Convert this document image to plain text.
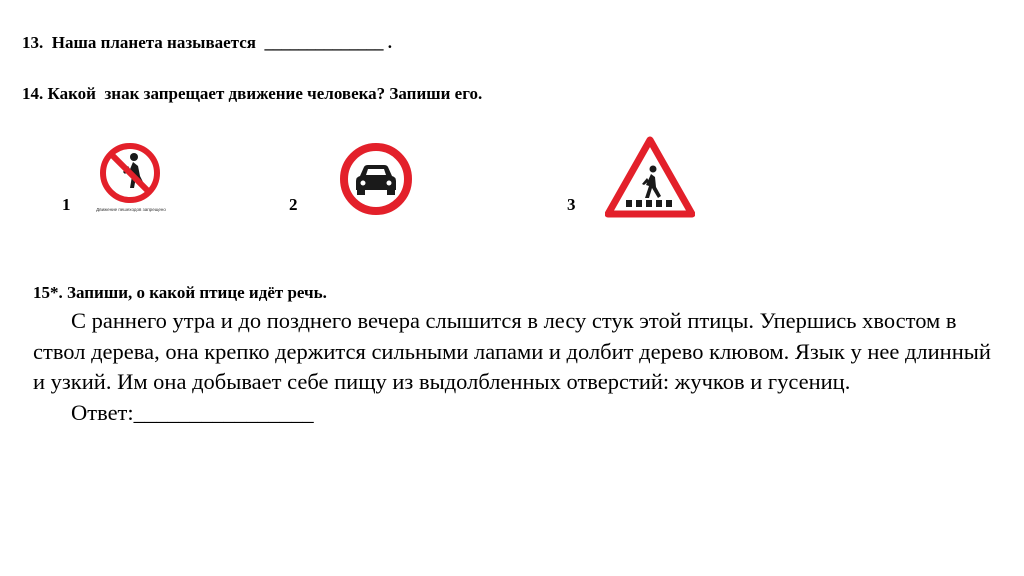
13.  Наша планета называется  ______________ .
14. Какой  знак запрещает движение человека? Запиши его.
1	Движение пешеходов запрещено	2	3
15*. Запиши, о какой птице идёт речь.

С раннего утра и до позднего вечера слышится в лесу стук этой птицы. Упершись хвостом в ствол дерева, она крепко держится сильными лапами и долбит дерево клювом. Язык у нее длинный и узкий. Им она добывает себе пищу из выдолбленных отверстий: жучков и гусениц.

Ответ:________________
